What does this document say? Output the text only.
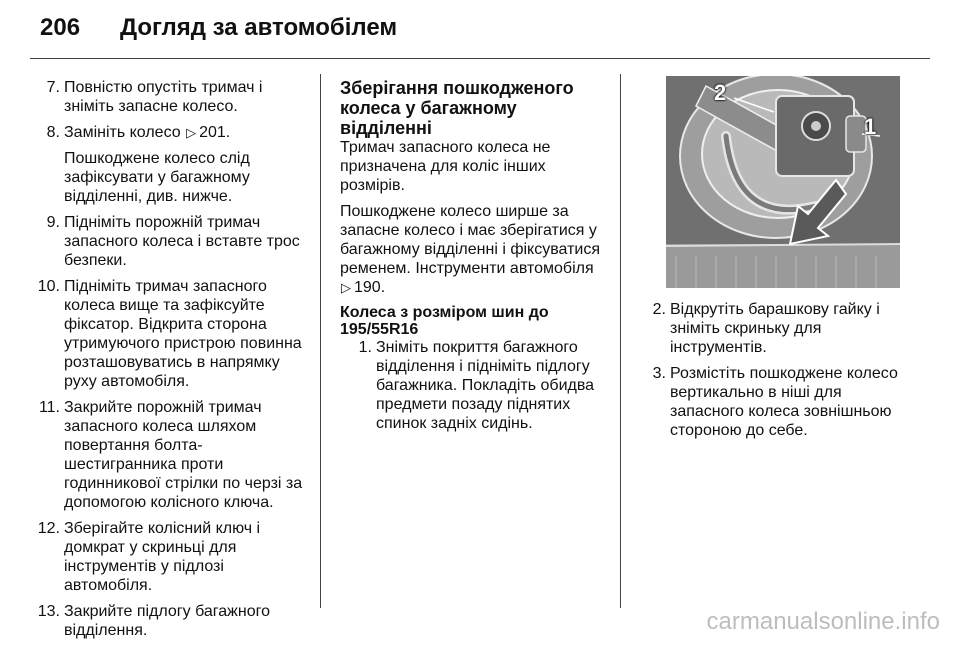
206 Догляд за автомобілем
7. Повністю опустіть тримач і зніміть запасне колесо.

8. Замініть колесо ▷ 201.

Пошкоджене колесо слід зафіксувати у багажному відділенні, див. нижче.

9. Підніміть порожній тримач запасного колеса і вставте трос безпеки.

10. Підніміть тримач запасного колеса вище та зафіксуйте фіксатор. Відкрита сторона утримуючого пристрою повинна розташовуватись в напрямку руху автомобіля.

11. Закрийте порожній тримач запасного колеса шляхом повертання болта-шестигранника проти годинникової стрілки по черзі за допомогою колісного ключа.

12. Зберігайте колісний ключ і домкрат у скриньці для інструментів у підлозі автомобіля.

13. Закрийте підлогу багажного відділення.

Зберігання пошкодженого колеса у багажному відділенні

Тримач запасного колеса не призначена для коліс інших розмірів.

Пошкоджене колесо ширше за запасне колесо і має зберігатися у багажному відділенні і фіксуватися ременем. Інструменти автомобіля
▷ 190.

Колеса з розміром шин до 195/55R16
1. Зніміть покриття багажного відділення і підніміть підлогу багажника. Покладіть обидва предмети позаду піднятих спинок задніх сидінь.

2
1
2. Відкрутіть барашкову гайку і зніміть скриньку для інструментів.

3. Розмістіть пошкоджене колесо вертикально в ніші для запасного колеса зовнішньою стороною до себе.

carmanualsonline.info
